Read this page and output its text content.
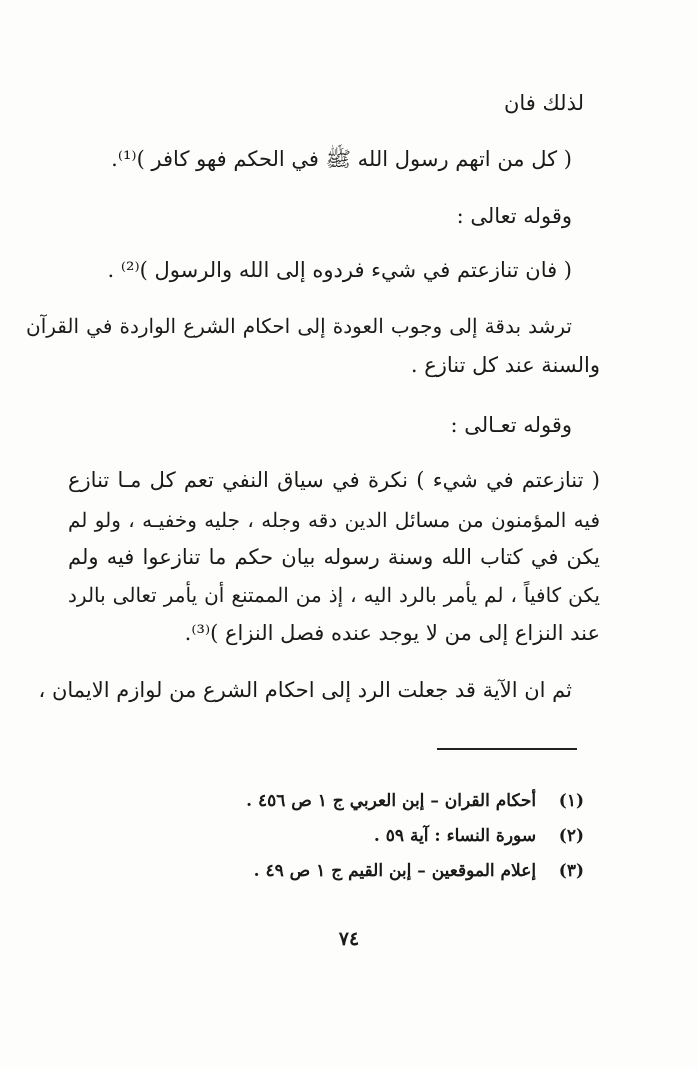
لذلك فان
( كل من اتهم رسول الله ﷺ في الحكم فهو كافر )⁽¹⁾.
وقوله تعالى :
( فان تنازعتم في شيء فردوه إلى الله والرسول )⁽²⁾ .
ترشد بدقة إلى وجوب العودة إلى احكام الشرع الواردة في القرآن
والسنة عند كل تنازع .
وقوله تعـالى :
( تنازعتم في شيء ) نكرة في سياق النفي تعم كل مـا تنازع
فيه المؤمنون من مسائل الدين دقه وجله ، جليه وخفيـه ، ولو لم
يكن في كتاب الله وسنة رسوله بيان حكم ما تنازعوا فيه ولم
يكن كافياً ، لم يأمر بالرد اليه ، إذ من الممتنع أن يأمر تعالى بالرد
عند النزاع إلى من لا يوجد عنده فصل النزاع )⁽³⁾.
ثم ان الآية قد جعلت الرد إلى احكام الشرع من لوازم الايمان ،
(١) أحكام القران – إبن العربي ج ١ ص ٤٥٦ .
(٢) سورة النساء : آية ٥٩ .
(٣) إعلام الموقعين – إبن القيم ج ١ ص ٤٩ .
٧٤
